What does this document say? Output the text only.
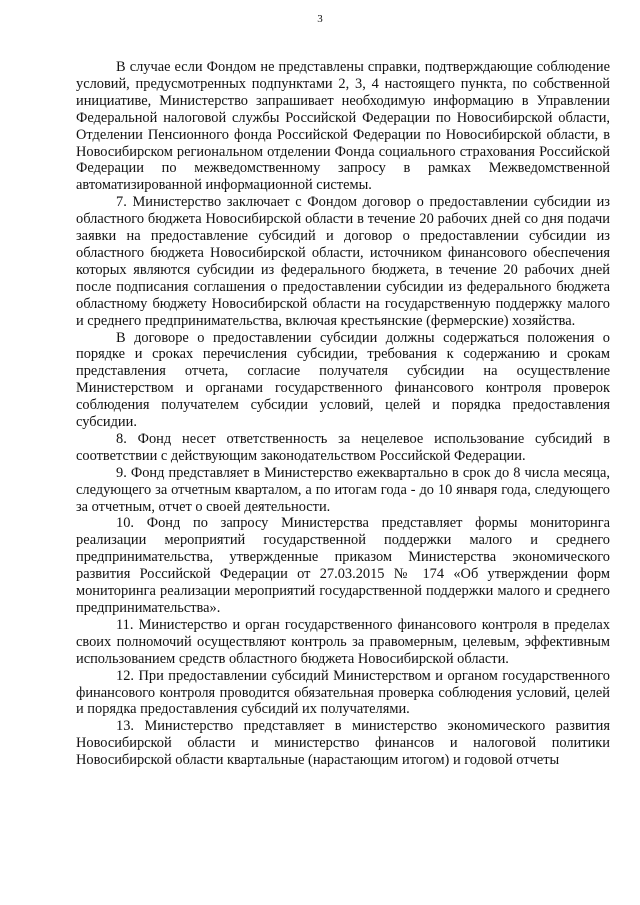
3

В случае если Фондом не представлены справки, подтверждающие соблюдение условий, предусмотренных подпунктами 2, 3, 4 настоящего пункта, по собственной инициативе, Министерство запрашивает необходимую информацию в Управлении Федеральной налоговой службы Российской Федерации по Новосибирской области, Отделении Пенсионного фонда Российской Федерации по Новосибирской области, в Новосибирском региональном отделении Фонда социального страхования Российской Федерации по межведомственному запросу в рамках Межведомственной автоматизированной информационной системы.

7. Министерство заключает с Фондом договор о предоставлении субсидии из областного бюджета Новосибирской области в течение 20 рабочих дней со дня подачи заявки на предоставление субсидий и договор о предоставлении субсидии из областного бюджета Новосибирской области, источником финансового обеспечения которых являются субсидии из федерального бюджета, в течение 20 рабочих дней после подписания соглашения о предоставлении субсидии из федерального бюджета областному бюджету Новосибирской области на государственную поддержку малого и среднего предпринимательства, включая крестьянские (фермерские) хозяйства.

В договоре о предоставлении субсидии должны содержаться положения о порядке и сроках перечисления субсидии, требования к содержанию и срокам представления отчета, согласие получателя субсидии на осуществление Министерством и органами государственного финансового контроля проверок соблюдения получателем субсидии условий, целей и порядка предоставления субсидии.

8. Фонд несет ответственность за нецелевое использование субсидий в соответствии с действующим законодательством Российской Федерации.

9. Фонд представляет в Министерство ежеквартально в срок до 8 числа месяца, следующего за отчетным кварталом, а по итогам года - до 10 января года, следующего за отчетным, отчет о своей деятельности.

10. Фонд по запросу Министерства представляет формы мониторинга реализации мероприятий государственной поддержки малого и среднего предпринимательства, утвержденные приказом Министерства экономического развития Российской Федерации от 27.03.2015 № 174 «Об утверждении форм мониторинга реализации мероприятий государственной поддержки малого и среднего предпринимательства».

11. Министерство и орган государственного финансового контроля в пределах своих полномочий осуществляют контроль за правомерным, целевым, эффективным использованием средств областного бюджета Новосибирской области.

12. При предоставлении субсидий Министерством и органом государственного финансового контроля проводится обязательная проверка соблюдения условий, целей и порядка предоставления субсидий их получателями.

13. Министерство представляет в министерство экономического развития Новосибирской области и министерство финансов и налоговой политики Новосибирской области квартальные (нарастающим итогом) и годовой отчеты
